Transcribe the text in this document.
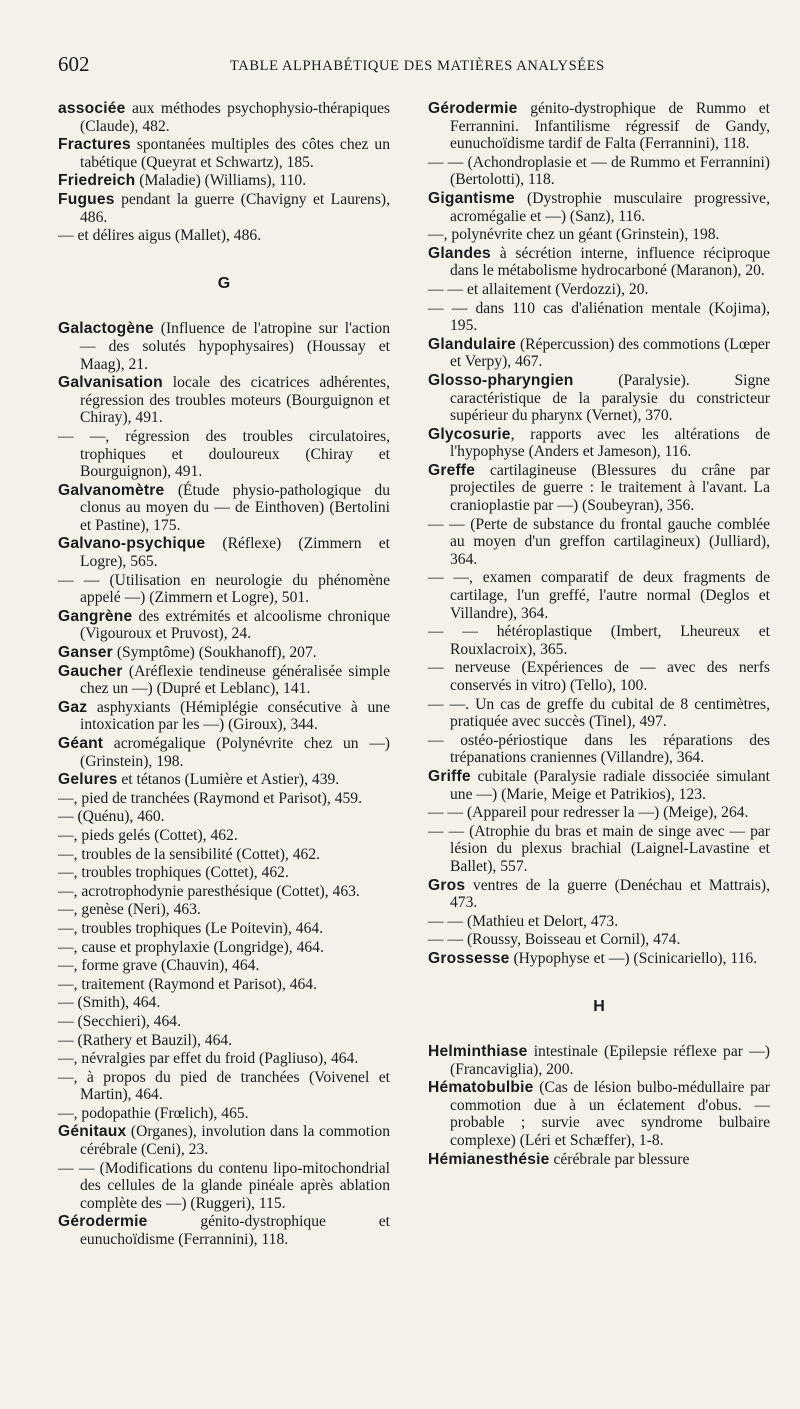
602	TABLE ALPHABÉTIQUE DES MATIÈRES ANALYSÉES
associée aux méthodes psychophysio-thérapiques (Claude), 482.
Fractures spontanées multiples des côtes chez un tabétique (Queyrat et Schwartz), 185.
Friedreich (Maladie) (Williams), 110.
Fugues pendant la guerre (Chavigny et Laurens), 486.
— et délires aigus (Mallet), 486.
G
Galactogène (Influence de l'atropine sur l'action — des solutés hypophysaires) (Houssay et Maag), 21.
Galvanisation locale des cicatrices adhérentes, régression des troubles moteurs (Bourguignon et Chiray), 491.
— —, régression des troubles circulatoires, trophiques et douloureux (Chiray et Bourguignon), 491.
Galvanomètre (Étude physio-pathologique du clonus au moyen du — de Einthoven) (Bertolini et Pastine), 175.
Galvano-psychique (Réflexe) (Zimmern et Logre), 565.
— — (Utilisation en neurologie du phénomène appelé —) (Zimmern et Logre), 501.
Gangrène des extrémités et alcoolisme chronique (Vigouroux et Pruvost), 24.
Ganser (Symptôme) (Soukhanoff), 207.
Gaucher (Aréflexie tendineuse généralisée simple chez un —) (Dupré et Leblanc), 141.
Gaz asphyxiants (Hémiplégie consécutive à une intoxication par les —) (Giroux), 344.
Géant acromégalique (Polynévrite chez un —) (Grinstein), 198.
Gelures et tétanos (Lumière et Astier), 439.
—, pied de tranchées (Raymond et Parisot), 459.
— (Quénu), 460.
—, pieds gelés (Cottet), 462.
—, troubles de la sensibilité (Cottet), 462.
—, troubles trophiques (Cottet), 462.
—, acrotrophodynie paresthésique (Cottet), 463.
—, genèse (Neri), 463.
—, troubles trophiques (Le Poitevin), 464.
—, cause et prophylaxie (Longridge), 464.
—, forme grave (Chauvin), 464.
—, traitement (Raymond et Parisot), 464.
— (Smith), 464.
— (Secchieri), 464.
— (Rathery et Bauzil), 464.
—, névralgies par effet du froid (Pagliuso), 464.
—, à propos du pied de tranchées (Voivenel et Martin), 464.
—, podopathie (Frœlich), 465.
Génitaux (Organes), involution dans la commotion cérébrale (Ceni), 23.
— — (Modifications du contenu lipo-mitochondrial des cellules de la glande pinéale après ablation complète des —) (Ruggeri), 115.
Gérodermie génito-dystrophique et eunuchoïdisme (Ferrannini), 118.
Gérodermie génito-dystrophique de Rummo et Ferrannini. Infantilisme régressif de Gandy, eunuchoïdisme tardif de Falta (Ferrannini), 118.
— — (Achondroplasie et — de Rummo et Ferrannini) (Bertolotti), 118.
Gigantisme (Dystrophie musculaire progressive, acromégalie et —) (Sanz), 116.
—, polynévrite chez un géant (Grinstein), 198.
Glandes à sécrétion interne, influence réciproque dans le métabolisme hydrocarboné (Maranon), 20.
— — et allaitement (Verdozzi), 20.
— — dans 110 cas d'aliénation mentale (Kojima), 195.
Glandulaire (Répercussion) des commotions (Lœper et Verpy), 467.
Glosso-pharyngien (Paralysie). Signe caractéristique de la paralysie du constricteur supérieur du pharynx (Vernet), 370.
Glycosurie, rapports avec les altérations de l'hypophyse (Anders et Jameson), 116.
Greffe cartilagineuse (Blessures du crâne par projectiles de guerre : le traitement à l'avant. La cranioplastie par —) (Soubeyran), 356.
— — (Perte de substance du frontal gauche comblée au moyen d'un greffon cartilagineux) (Julliard), 364.
— —, examen comparatif de deux fragments de cartilage, l'un greffé, l'autre normal (Deglos et Villandre), 364.
— — hétéroplastique (Imbert, Lheureux et Rouxlacroix), 365.
— nerveuse (Expériences de — avec des nerfs conservés in vitro) (Tello), 100.
— —. Un cas de greffe du cubital de 8 centimètres, pratiquée avec succès (Tinel), 497.
— ostéo-périostique dans les réparations des trépanations craniennes (Villandre), 364.
Griffe cubitale (Paralysie radiale dissociée simulant une —) (Marie, Meige et Patrikios), 123.
— — (Appareil pour redresser la —) (Meige), 264.
— — (Atrophie du bras et main de singe avec — par lésion du plexus brachial (Laignel-Lavastine et Ballet), 557.
Gros ventres de la guerre (Denéchau et Mattrais), 473.
— — (Mathieu et Delort, 473.
— — (Roussy, Boisseau et Cornil), 474.
Grossesse (Hypophyse et —) (Scinicariello), 116.
H
Helminthiase intestinale (Epilepsie réflexe par —) (Francaviglia), 200.
Hématobulbie (Cas de lésion bulbo-médullaire par commotion due à un éclatement d'obus. — probable ; survie avec syndrome bulbaire complexe) (Léri et Schæffer), 1-8.
Hémianesthésie cérébrale par blessure
